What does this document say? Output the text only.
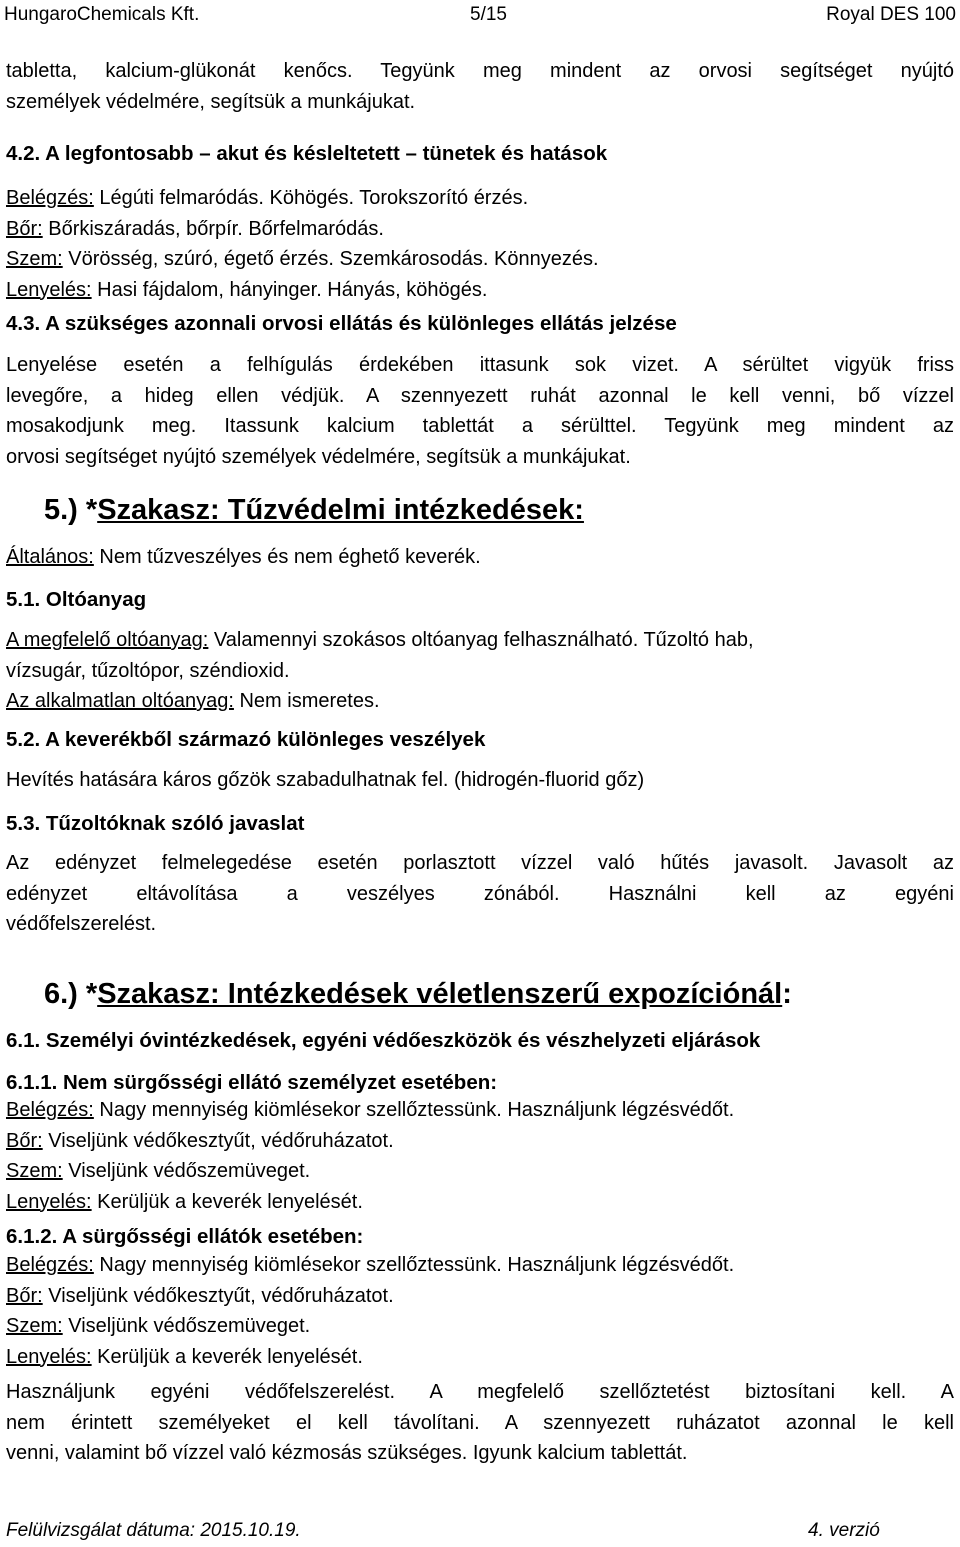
HungaroChemicals Kft.	5/15	Royal DES 100
tabletta, kalcium-glükonát kenőcs. Tegyünk meg mindent az orvosi segítséget nyújtó
személyek védelmére, segítsük a munkájukat.
4.2. A legfontosabb – akut és késleltetett – tünetek és hatások
Belégzés: Légúti felmaródás. Köhögés. Torokszorító érzés.
Bőr: Bőrkiszáradás, bőrpír. Bőrfelmaródás.
Szem: Vörösség, szúró, égető érzés. Szemkárosodás. Könnyezés.
Lenyelés: Hasi fájdalom, hányinger. Hányás, köhögés.
4.3. A szükséges azonnali orvosi ellátás és különleges ellátás jelzése
Lenyelése esetén a felhígulás érdekében ittasunk sok vizet. A sérültet vigyük friss
levegőre, a hideg ellen védjük. A szennyezett ruhát azonnal le kell venni, bő vízzel
mosakodjunk meg. Itassunk kalcium tablettát a sérülttel. Tegyünk meg mindent az
orvosi segítséget nyújtó személyek védelmére, segítsük a munkájukat.
5.) *Szakasz: Tűzvédelmi intézkedések:
Általános: Nem tűzveszélyes és nem éghető keverék.
5.1. Oltóanyag
A megfelelő oltóanyag: Valamennyi szokásos oltóanyag felhasználható. Tűzoltó hab,
vízsugár, tűzoltópor, széndioxid.
Az alkalmatlan oltóanyag: Nem ismeretes.
5.2. A keverékből származó különleges veszélyek
Hevítés hatására káros gőzök szabadulhatnak fel. (hidrogén-fluorid gőz)
5.3. Tűzoltóknak szóló javaslat
Az edényzet felmelegedése esetén porlasztott vízzel való hűtés javasolt. Javasolt az
edényzet eltávolítása a veszélyes zónából. Használni kell az egyéni
védőfelszerelést.
6.) *Szakasz: Intézkedések véletlenszerű expozíciónál:
6.1. Személyi óvintézkedések, egyéni védőeszközök és vészhelyzeti eljárások
6.1.1. Nem sürgősségi ellátó személyzet esetében:
Belégzés: Nagy mennyiség kiömlésekor szellőztessünk. Használjunk légzésvédőt.
Bőr: Viseljünk védőkesztyűt, védőruházatot.
Szem: Viseljünk védőszemüveget.
Lenyelés: Kerüljük a keverék lenyelését.
6.1.2. A sürgősségi ellátók esetében:
Belégzés: Nagy mennyiség kiömlésekor szellőztessünk. Használjunk légzésvédőt.
Bőr: Viseljünk védőkesztyűt, védőruházatot.
Szem: Viseljünk védőszemüveget.
Lenyelés: Kerüljük a keverék lenyelését.
Használjunk egyéni védőfelszerelést. A megfelelő szellőztetést biztosítani kell. A
nem érintett személyeket el kell távolítani. A szennyezett ruházatot azonnal le kell
venni, valamint bő vízzel való kézmosás szükséges. Igyunk kalcium tablettát.
Felülvizsgálat dátuma: 2015.10.19.	4. verzió
